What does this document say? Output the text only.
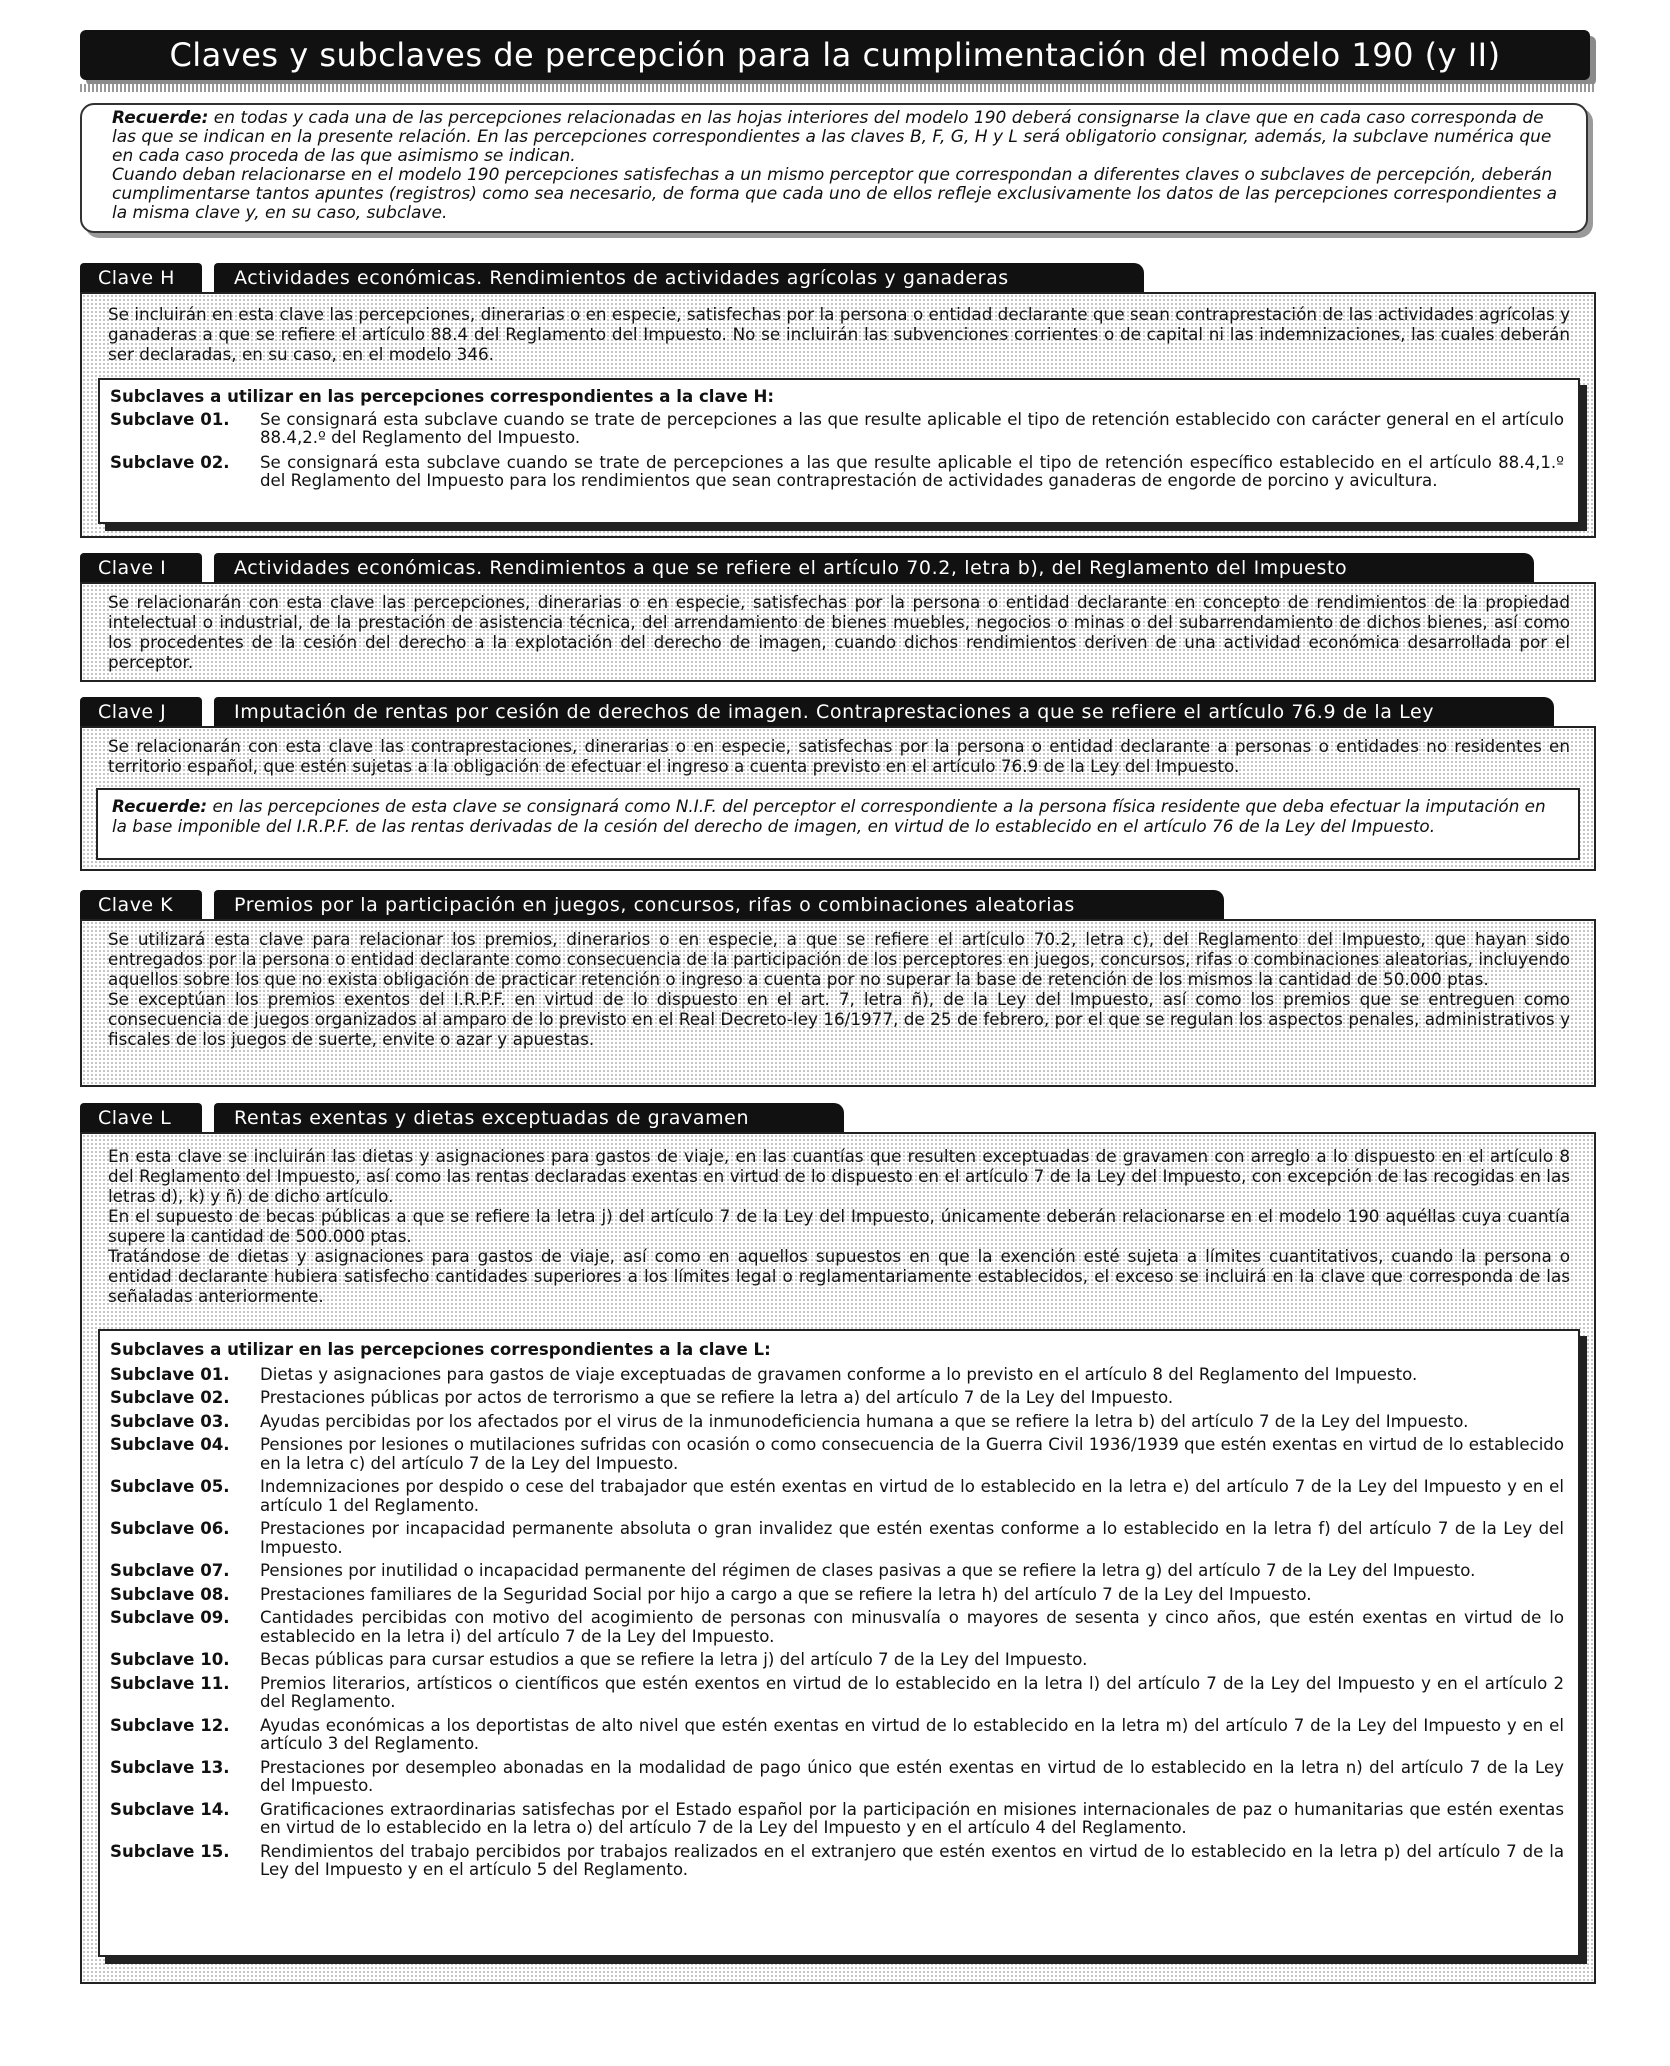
Claves y subclaves de percepción para la cumplimentación del modelo 190 (y II)

Recuerde: en todas y cada una de las percepciones relacionadas en las hojas interiores del modelo 190 deberá consignarse la clave que en cada caso corresponda de las que se indican en la presente relación. En las percepciones correspondientes a las claves B, F, G, H y L será obligatorio consignar, además, la subclave numérica que en cada caso proceda de las que asimismo se indican.

Cuando deban relacionarse en el modelo 190 percepciones satisfechas a un mismo perceptor que correspondan a diferentes claves o subclaves de percepción, deberán cumplimentarse tantos apuntes (registros) como sea necesario, de forma que cada uno de ellos refleje exclusivamente los datos de las percepciones correspondientes a la misma clave y, en su caso, subclave.

Clave H	Actividades económicas. Rendimientos de actividades agrícolas y ganaderas
Se incluirán en esta clave las percepciones, dinerarias o en especie, satisfechas por la persona o entidad declarante que sean contraprestación de las actividades agrícolas y ganaderas a que se refiere el artículo 88.4 del Reglamento del Impuesto. No se incluirán las subvenciones corrientes o de capital ni las indemnizaciones, las cuales deberán ser declaradas, en su caso, en el modelo 346.
Subclaves a utilizar en las percepciones correspondientes a la clave H:
Subclave 01.	Se consignará esta subclave cuando se trate de percepciones a las que resulte aplicable el tipo de retención establecido con carácter general en el artículo 88.4,2.º del Reglamento del Impuesto.
Subclave 02.	Se consignará esta subclave cuando se trate de percepciones a las que resulte aplicable el tipo de retención específico establecido en el artículo 88.4,1.º del Reglamento del Impuesto para los rendimientos que sean contraprestación de actividades ganaderas de engorde de porcino y avicultura.
Clave I	Actividades económicas. Rendimientos a que se refiere el artículo 70.2, letra b), del Reglamento del Impuesto
Se relacionarán con esta clave las percepciones, dinerarias o en especie, satisfechas por la persona o entidad declarante en concepto de rendimientos de la propiedad intelectual o industrial, de la prestación de asistencia técnica, del arrendamiento de bienes muebles, negocios o minas o del subarrendamiento de dichos bienes, así como los procedentes de la cesión del derecho a la explotación del derecho de imagen, cuando dichos rendimientos deriven de una actividad económica desarrollada por el perceptor.
Clave J	Imputación de rentas por cesión de derechos de imagen. Contraprestaciones a que se refiere el artículo 76.9 de la Ley
Se relacionarán con esta clave las contraprestaciones, dinerarias o en especie, satisfechas por la persona o entidad declarante a personas o entidades no residentes en territorio español, que estén sujetas a la obligación de efectuar el ingreso a cuenta previsto en el artículo 76.9 de la Ley del Impuesto.
Recuerde: en las percepciones de esta clave se consignará como N.I.F. del perceptor el correspondiente a la persona física residente que deba efectuar la imputación en la base imponible del I.R.P.F. de las rentas derivadas de la cesión del derecho de imagen, en virtud de lo establecido en el artículo 76 de la Ley del Impuesto.
Clave K	Premios por la participación en juegos, concursos, rifas o combinaciones aleatorias

Se utilizará esta clave para relacionar los premios, dinerarios o en especie, a que se refiere el artículo 70.2, letra c), del Reglamento del Impuesto, que hayan sido entregados por la persona o entidad declarante como consecuencia de la participación de los perceptores en juegos, concursos, rifas o combinaciones aleatorias, incluyendo aquellos sobre los que no exista obligación de practicar retención o ingreso a cuenta por no superar la base de retención de los mismos la cantidad de 50.000 ptas.

Se exceptúan los premios exentos del I.R.P.F. en virtud de lo dispuesto en el art. 7, letra ñ), de la Ley del Impuesto, así como los premios que se entreguen como consecuencia de juegos organizados al amparo de lo previsto en el Real Decreto-ley 16/1977, de 25 de febrero, por el que se regulan los aspectos penales, administrativos y fiscales de los juegos de suerte, envite o azar y apuestas.

Clave L	Rentas exentas y dietas exceptuadas de gravamen

En esta clave se incluirán las dietas y asignaciones para gastos de viaje, en las cuantías que resulten exceptuadas de gravamen con arreglo a lo dispuesto en el artículo 8 del Reglamento del Impuesto, así como las rentas declaradas exentas en virtud de lo dispuesto en el artículo 7 de la Ley del Impuesto, con excepción de las recogidas en las letras d), k) y ñ) de dicho artículo.

En el supuesto de becas públicas a que se refiere la letra j) del artículo 7 de la Ley del Impuesto, únicamente deberán relacionarse en el modelo 190 aquéllas cuya cuantía supere la cantidad de 500.000 ptas.

Tratándose de dietas y asignaciones para gastos de viaje, así como en aquellos supuestos en que la exención esté sujeta a límites cuantitativos, cuando la persona o entidad declarante hubiera satisfecho cantidades superiores a los límites legal o reglamentariamente establecidos, el exceso se incluirá en la clave que corresponda de las señaladas anteriormente.

Subclaves a utilizar en las percepciones correspondientes a la clave L:
Subclave 01.	Dietas y asignaciones para gastos de viaje exceptuadas de gravamen conforme a lo previsto en el artículo 8 del Reglamento del Impuesto.
Subclave 02.	Prestaciones públicas por actos de terrorismo a que se refiere la letra a) del artículo 7 de la Ley del Impuesto.
Subclave 03.	Ayudas percibidas por los afectados por el virus de la inmunodeficiencia humana a que se refiere la letra b) del artículo 7 de la Ley del Impuesto.
Subclave 04.	Pensiones por lesiones o mutilaciones sufridas con ocasión o como consecuencia de la Guerra Civil 1936/1939 que estén exentas en virtud de lo establecido en la letra c) del artículo 7 de la Ley del Impuesto.
Subclave 05.	Indemnizaciones por despido o cese del trabajador que estén exentas en virtud de lo establecido en la letra e) del artículo 7 de la Ley del Impuesto y en el artículo 1 del Reglamento.
Subclave 06.	Prestaciones por incapacidad permanente absoluta o gran invalidez que estén exentas conforme a lo establecido en la letra f) del artículo 7 de la Ley del Impuesto.
Subclave 07.	Pensiones por inutilidad o incapacidad permanente del régimen de clases pasivas a que se refiere la letra g) del artículo 7 de la Ley del Impuesto.
Subclave 08.	Prestaciones familiares de la Seguridad Social por hijo a cargo a que se refiere la letra h) del artículo 7 de la Ley del Impuesto.
Subclave 09.	Cantidades percibidas con motivo del acogimiento de personas con minusvalía o mayores de sesenta y cinco años, que estén exentas en virtud de lo establecido en la letra i) del artículo 7 de la Ley del Impuesto.
Subclave 10.	Becas públicas para cursar estudios a que se refiere la letra j) del artículo 7 de la Ley del Impuesto.
Subclave 11.	Premios literarios, artísticos o científicos que estén exentos en virtud de lo establecido en la letra l) del artículo 7 de la Ley del Impuesto y en el artículo 2 del Reglamento.
Subclave 12.	Ayudas económicas a los deportistas de alto nivel que estén exentas en virtud de lo establecido en la letra m) del artículo 7 de la Ley del Impuesto y en el artículo 3 del Reglamento.
Subclave 13.	Prestaciones por desempleo abonadas en la modalidad de pago único que estén exentas en virtud de lo establecido en la letra n) del artículo 7 de la Ley del Impuesto.
Subclave 14.	Gratificaciones extraordinarias satisfechas por el Estado español por la participación en misiones internacionales de paz o humanitarias que estén exentas en virtud de lo establecido en la letra o) del artículo 7 de la Ley del Impuesto y en el artículo 4 del Reglamento.
Subclave 15.	Rendimientos del trabajo percibidos por trabajos realizados en el extranjero que estén exentos en virtud de lo establecido en la letra p) del artículo 7 de la Ley del Impuesto y en el artículo 5 del Reglamento.
